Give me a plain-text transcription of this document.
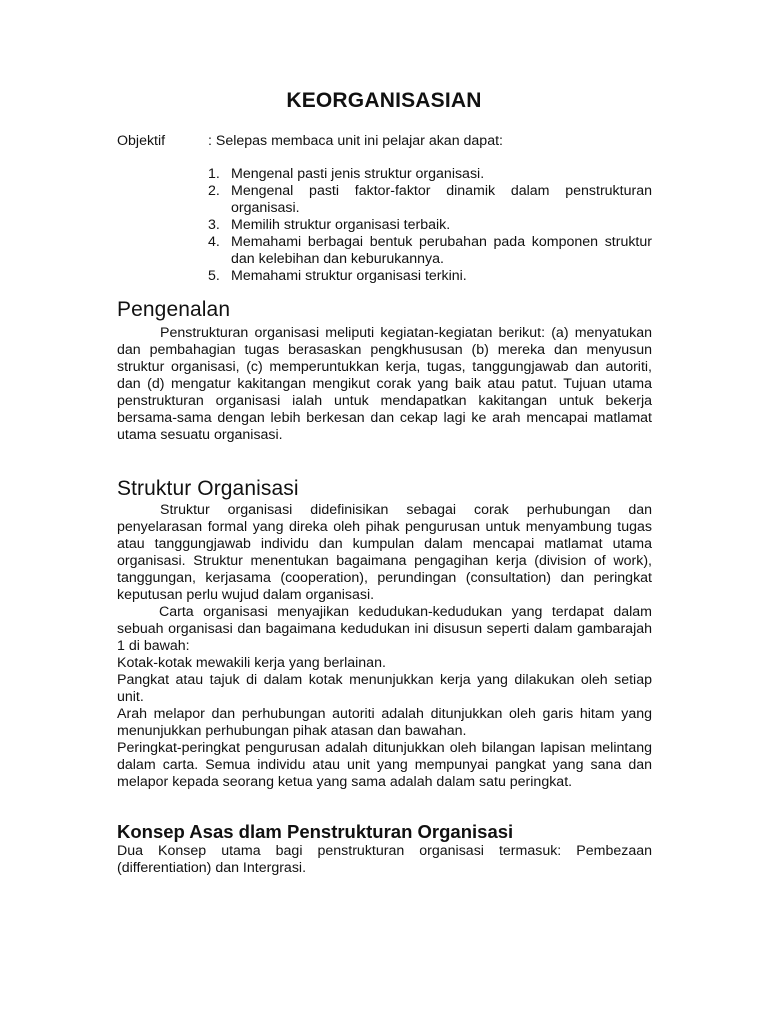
KEORGANISASIAN
Objektif	: Selepas membaca unit ini pelajar akan dapat:
1. Mengenal pasti jenis struktur organisasi.
2. Mengenal pasti faktor-faktor dinamik dalam penstrukturan organisasi.
3. Memilih struktur organisasi terbaik.
4. Memahami berbagai bentuk perubahan pada komponen struktur dan kelebihan dan keburukannya.
5. Memahami struktur organisasi terkini.
Pengenalan

Penstrukturan organisasi meliputi kegiatan-kegiatan berikut: (a) menyatukan dan pembahagian tugas berasaskan pengkhususan (b) mereka dan menyusun struktur organisasi, (c) memperuntukkan kerja, tugas, tanggungjawab dan autoriti, dan (d) mengatur kakitangan mengikut corak yang baik atau patut. Tujuan utama penstrukturan organisasi ialah untuk mendapatkan kakitangan untuk bekerja bersama-sama dengan lebih berkesan dan cekap lagi ke arah mencapai matlamat utama sesuatu organisasi.

Struktur Organisasi

Struktur organisasi didefinisikan sebagai corak perhubungan dan penyelarasan formal yang direka oleh pihak pengurusan untuk menyambung tugas atau tanggungjawab individu dan kumpulan dalam mencapai matlamat utama organisasi. Struktur menentukan bagaimana pengagihan kerja (division of work), tanggungan, kerjasama (cooperation), perundingan (consultation) dan peringkat keputusan perlu wujud dalam organisasi.

Carta organisasi menyajikan kedudukan-kedudukan yang terdapat dalam sebuah organisasi dan bagaimana kedudukan ini disusun seperti dalam gambarajah 1 di bawah:

Kotak-kotak mewakili kerja yang berlainan.

Pangkat atau tajuk di dalam kotak menunjukkan kerja yang dilakukan oleh setiap unit.

Arah melapor dan perhubungan autoriti adalah ditunjukkan oleh garis hitam yang menunjukkan perhubungan pihak atasan dan bawahan.

Peringkat-peringkat pengurusan adalah ditunjukkan oleh bilangan lapisan melintang dalam carta. Semua individu atau unit yang mempunyai pangkat yang sana dan melapor kepada seorang ketua yang sama adalah dalam satu peringkat.

Konsep Asas dlam Penstrukturan Organisasi

Dua Konsep utama bagi penstrukturan organisasi termasuk: Pembezaan (differentiation) dan Intergrasi.
